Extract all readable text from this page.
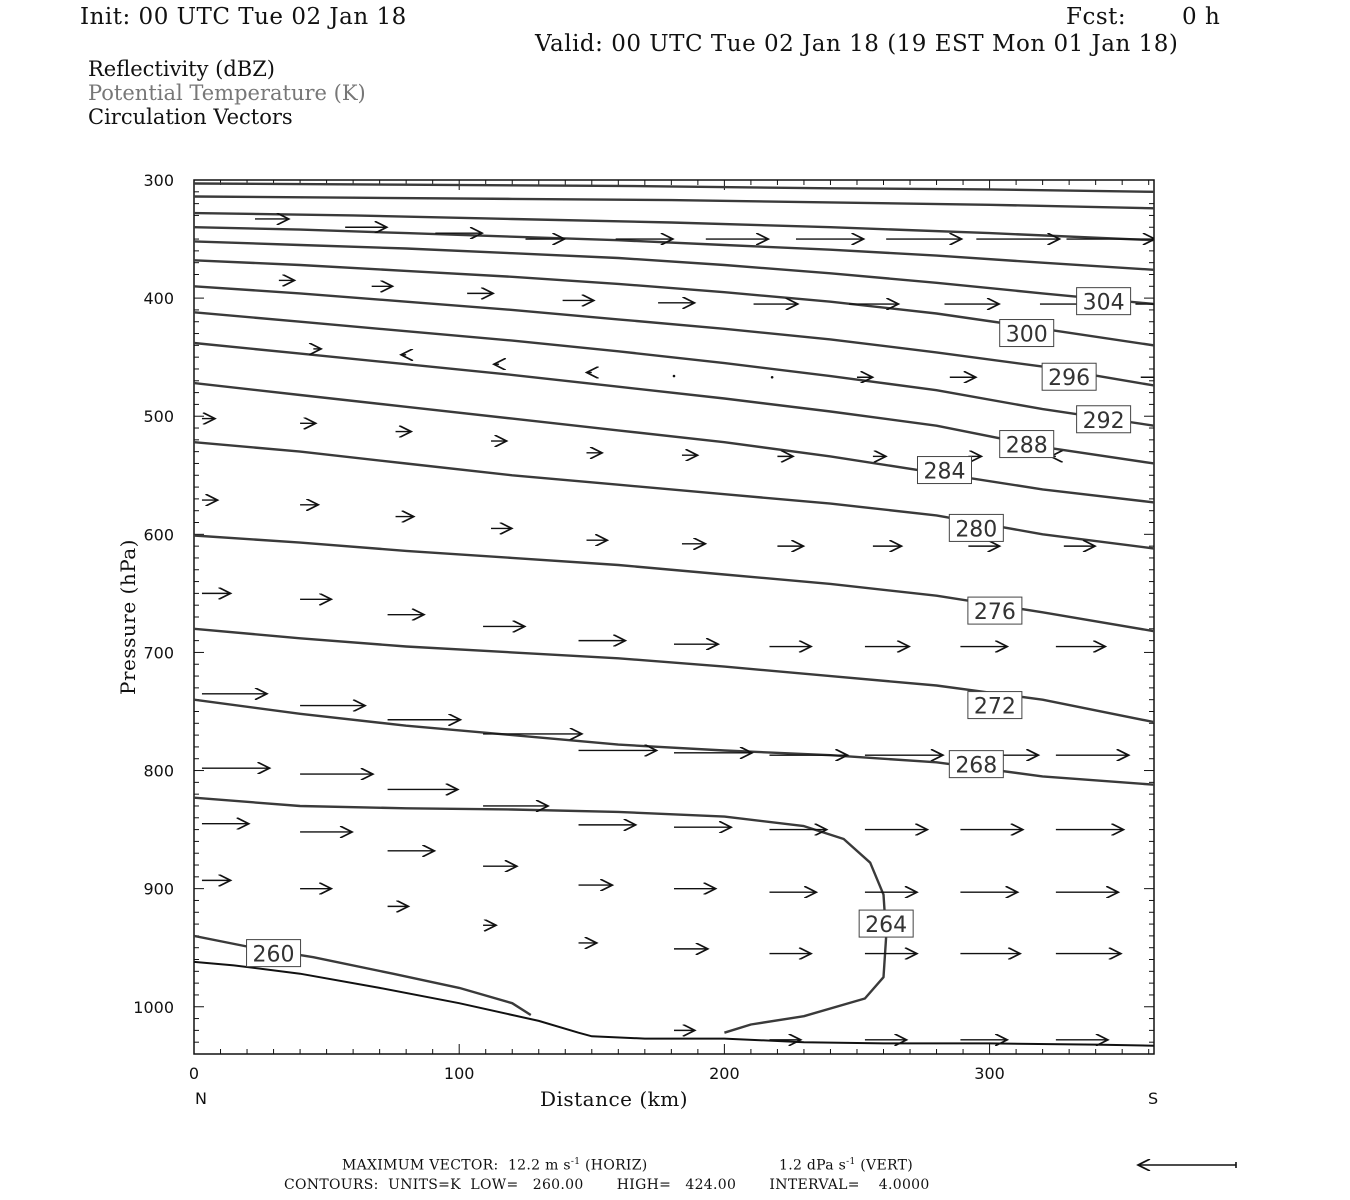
Init: 00 UTC Tue 02 Jan 18	Fcst: 0 h
Valid: 00 UTC Tue 02 Jan 18 (19 EST Mon 01 Jan 18)
Reflectivity (dBZ)
Potential Temperature (K)
Circulation Vectors
0	100	200	300
300
400
500
600
700
800
900
1000
N	S
Distance (km)
Pressure (hPa)
260
264
268
272
276
280
284
288
292
296
300
304
MAXIMUM VECTOR:  12.2 m $s^{-1}$ (HORIZ)	1.2 dPa $s^{-1}$ (VERT)
CONTOURS:  UNITS=K  LOW=   260.00       HIGH=   424.00       INTERVAL=    4.0000
